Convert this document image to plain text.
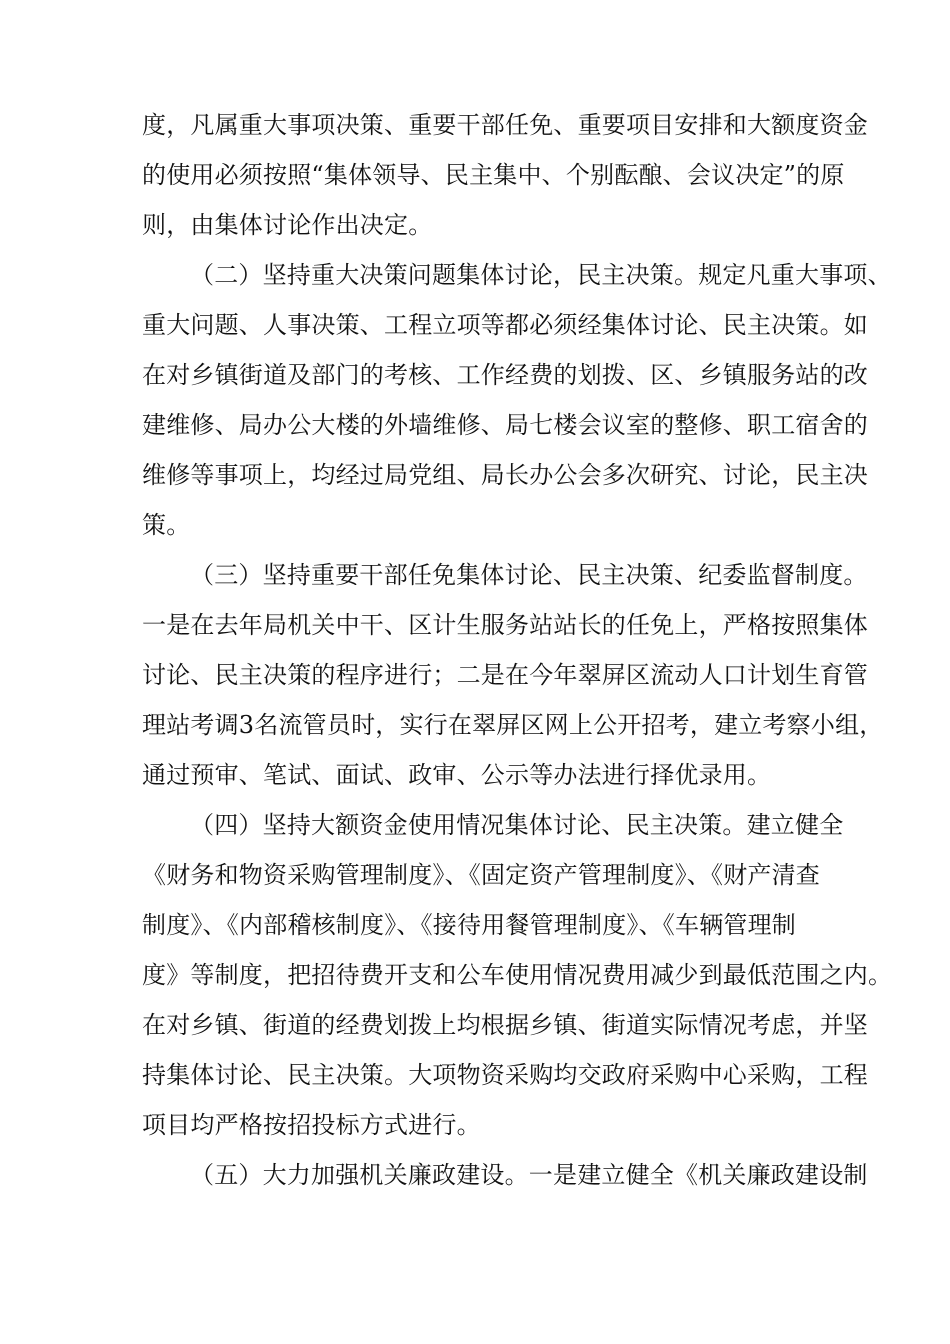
度，凡属重大事项决策、重要干部任免、重要项目安排和大额度资金
的使用必须按照“集体领导、民主集中、个别酝酿、会议决定”的原
则，由集体讨论作出决定。
（二）坚持重大决策问题集体讨论，民主决策。规定凡重大事项、
重大问题、人事决策、工程立项等都必须经集体讨论、民主决策。如
在对乡镇街道及部门的考核、工作经费的划拨、区、乡镇服务站的改
建维修、局办公大楼的外墙维修、局七楼会议室的整修、职工宿舍的
维修等事项上，均经过局党组、局长办公会多次研究、讨论，民主决
策。
（三）坚持重要干部任免集体讨论、民主决策、纪委监督制度。
一是在去年局机关中干、区计生服务站站长的任免上，严格按照集体
讨论、民主决策的程序进行；二是在今年翠屏区流动人口计划生育管
理站考调3名流管员时，实行在翠屏区网上公开招考，建立考察小组，
通过预审、笔试、面试、政审、公示等办法进行择优录用。
（四）坚持大额资金使用情况集体讨论、民主决策。建立健全
《财务和物资采购管理制度》、《固定资产管理制度》、《财产清查
制度》、《内部稽核制度》、《接待用餐管理制度》、《车辆管理制
度》等制度，把招待费开支和公车使用情况费用减少到最低范围之内。
在对乡镇、街道的经费划拨上均根据乡镇、街道实际情况考虑，并坚
持集体讨论、民主决策。大项物资采购均交政府采购中心采购，工程
项目均严格按招投标方式进行。
（五）大力加强机关廉政建设。一是建立健全《机关廉政建设制
